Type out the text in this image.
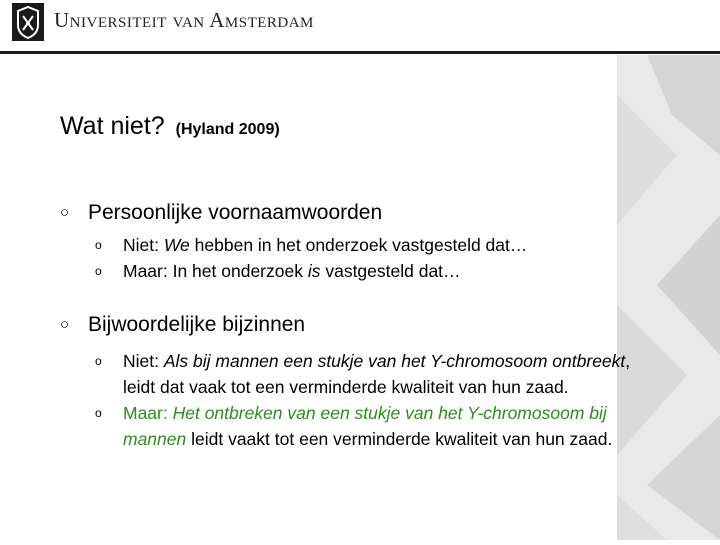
Universiteit van Amsterdam
Wat niet? (Hyland 2009)
○ Persoonlijke voornaamwoorden
o Niet: We hebben in het onderzoek vastgesteld dat…
o Maar: In het onderzoek is vastgesteld dat…
○ Bijwoordelijke bijzinnen
o Niet: Als bij mannen een stukje van het Y-chromosoom ontbreekt, leidt dat vaak tot een verminderde kwaliteit van hun zaad.
o Maar: Het ontbreken van een stukje van het Y-chromosoom bij mannen leidt vaakt tot een verminderde kwaliteit van hun zaad.
